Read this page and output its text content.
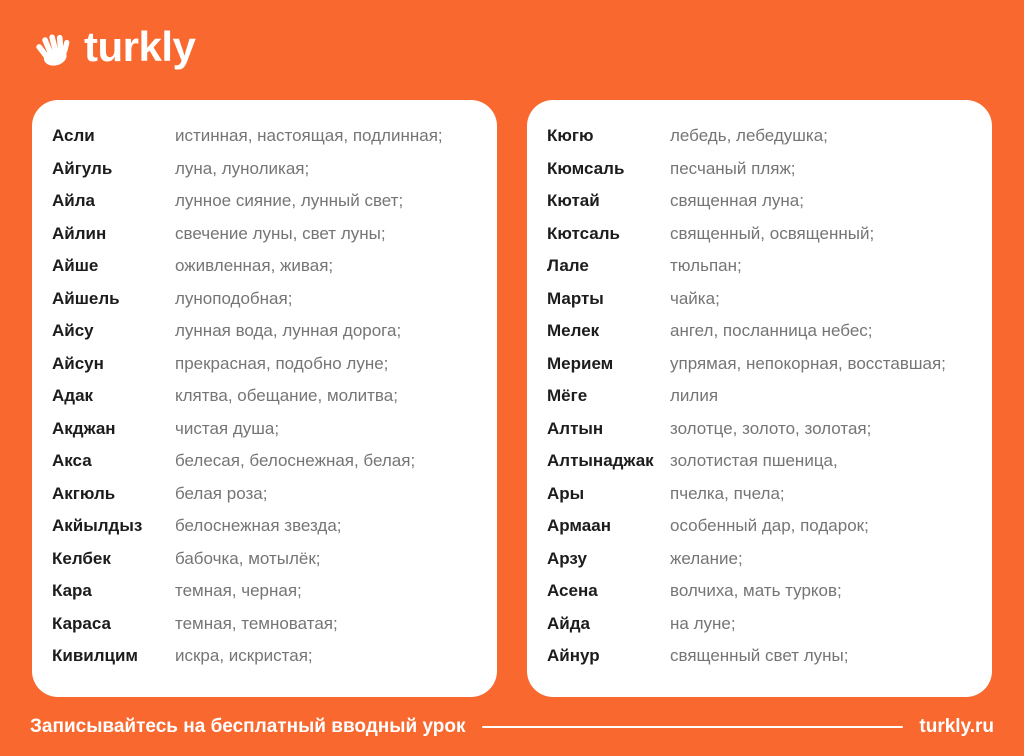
turkly
Асли	истинная, настоящая, подлинная;
Айгуль	луна, луноликая;
Айла	лунное сияние, лунный свет;
Айлин	свечение луны, свет луны;
Айше	оживленная, живая;
Айшель	луноподобная;
Айсу	лунная вода, лунная дорога;
Айсун	прекрасная, подобно луне;
Адак	клятва, обещание, молитва;
Акджан	чистая душа;
Акса	белесая, белоснежная, белая;
Акгюль	белая роза;
Акйылдыз	белоснежная звезда;
Келбек	бабочка, мотылёк;
Кара	темная, черная;
Караса	темная, темноватая;
Кивилцим	искра, искристая;
Кюгю	лебедь, лебедушка;
Кюмсаль	песчаный пляж;
Кютай	священная луна;
Кютсаль	священный, освященный;
Лале	тюльпан;
Марты	чайка;
Мелек	ангел, посланница небес;
Мерием	упрямая, непокорная, восставшая;
Мёге	лилия
Алтын	золотце, золото, золотая;
Алтынаджак золотистая пшеница,
Ары	пчелка, пчела;
Армаан	особенный дар, подарок;
Арзу	желание;
Асена	волчиха, мать турков;
Айда	на луне;
Айнур	священный свет луны;
Записывайтесь на бесплатный вводный урок	turkly.ru
